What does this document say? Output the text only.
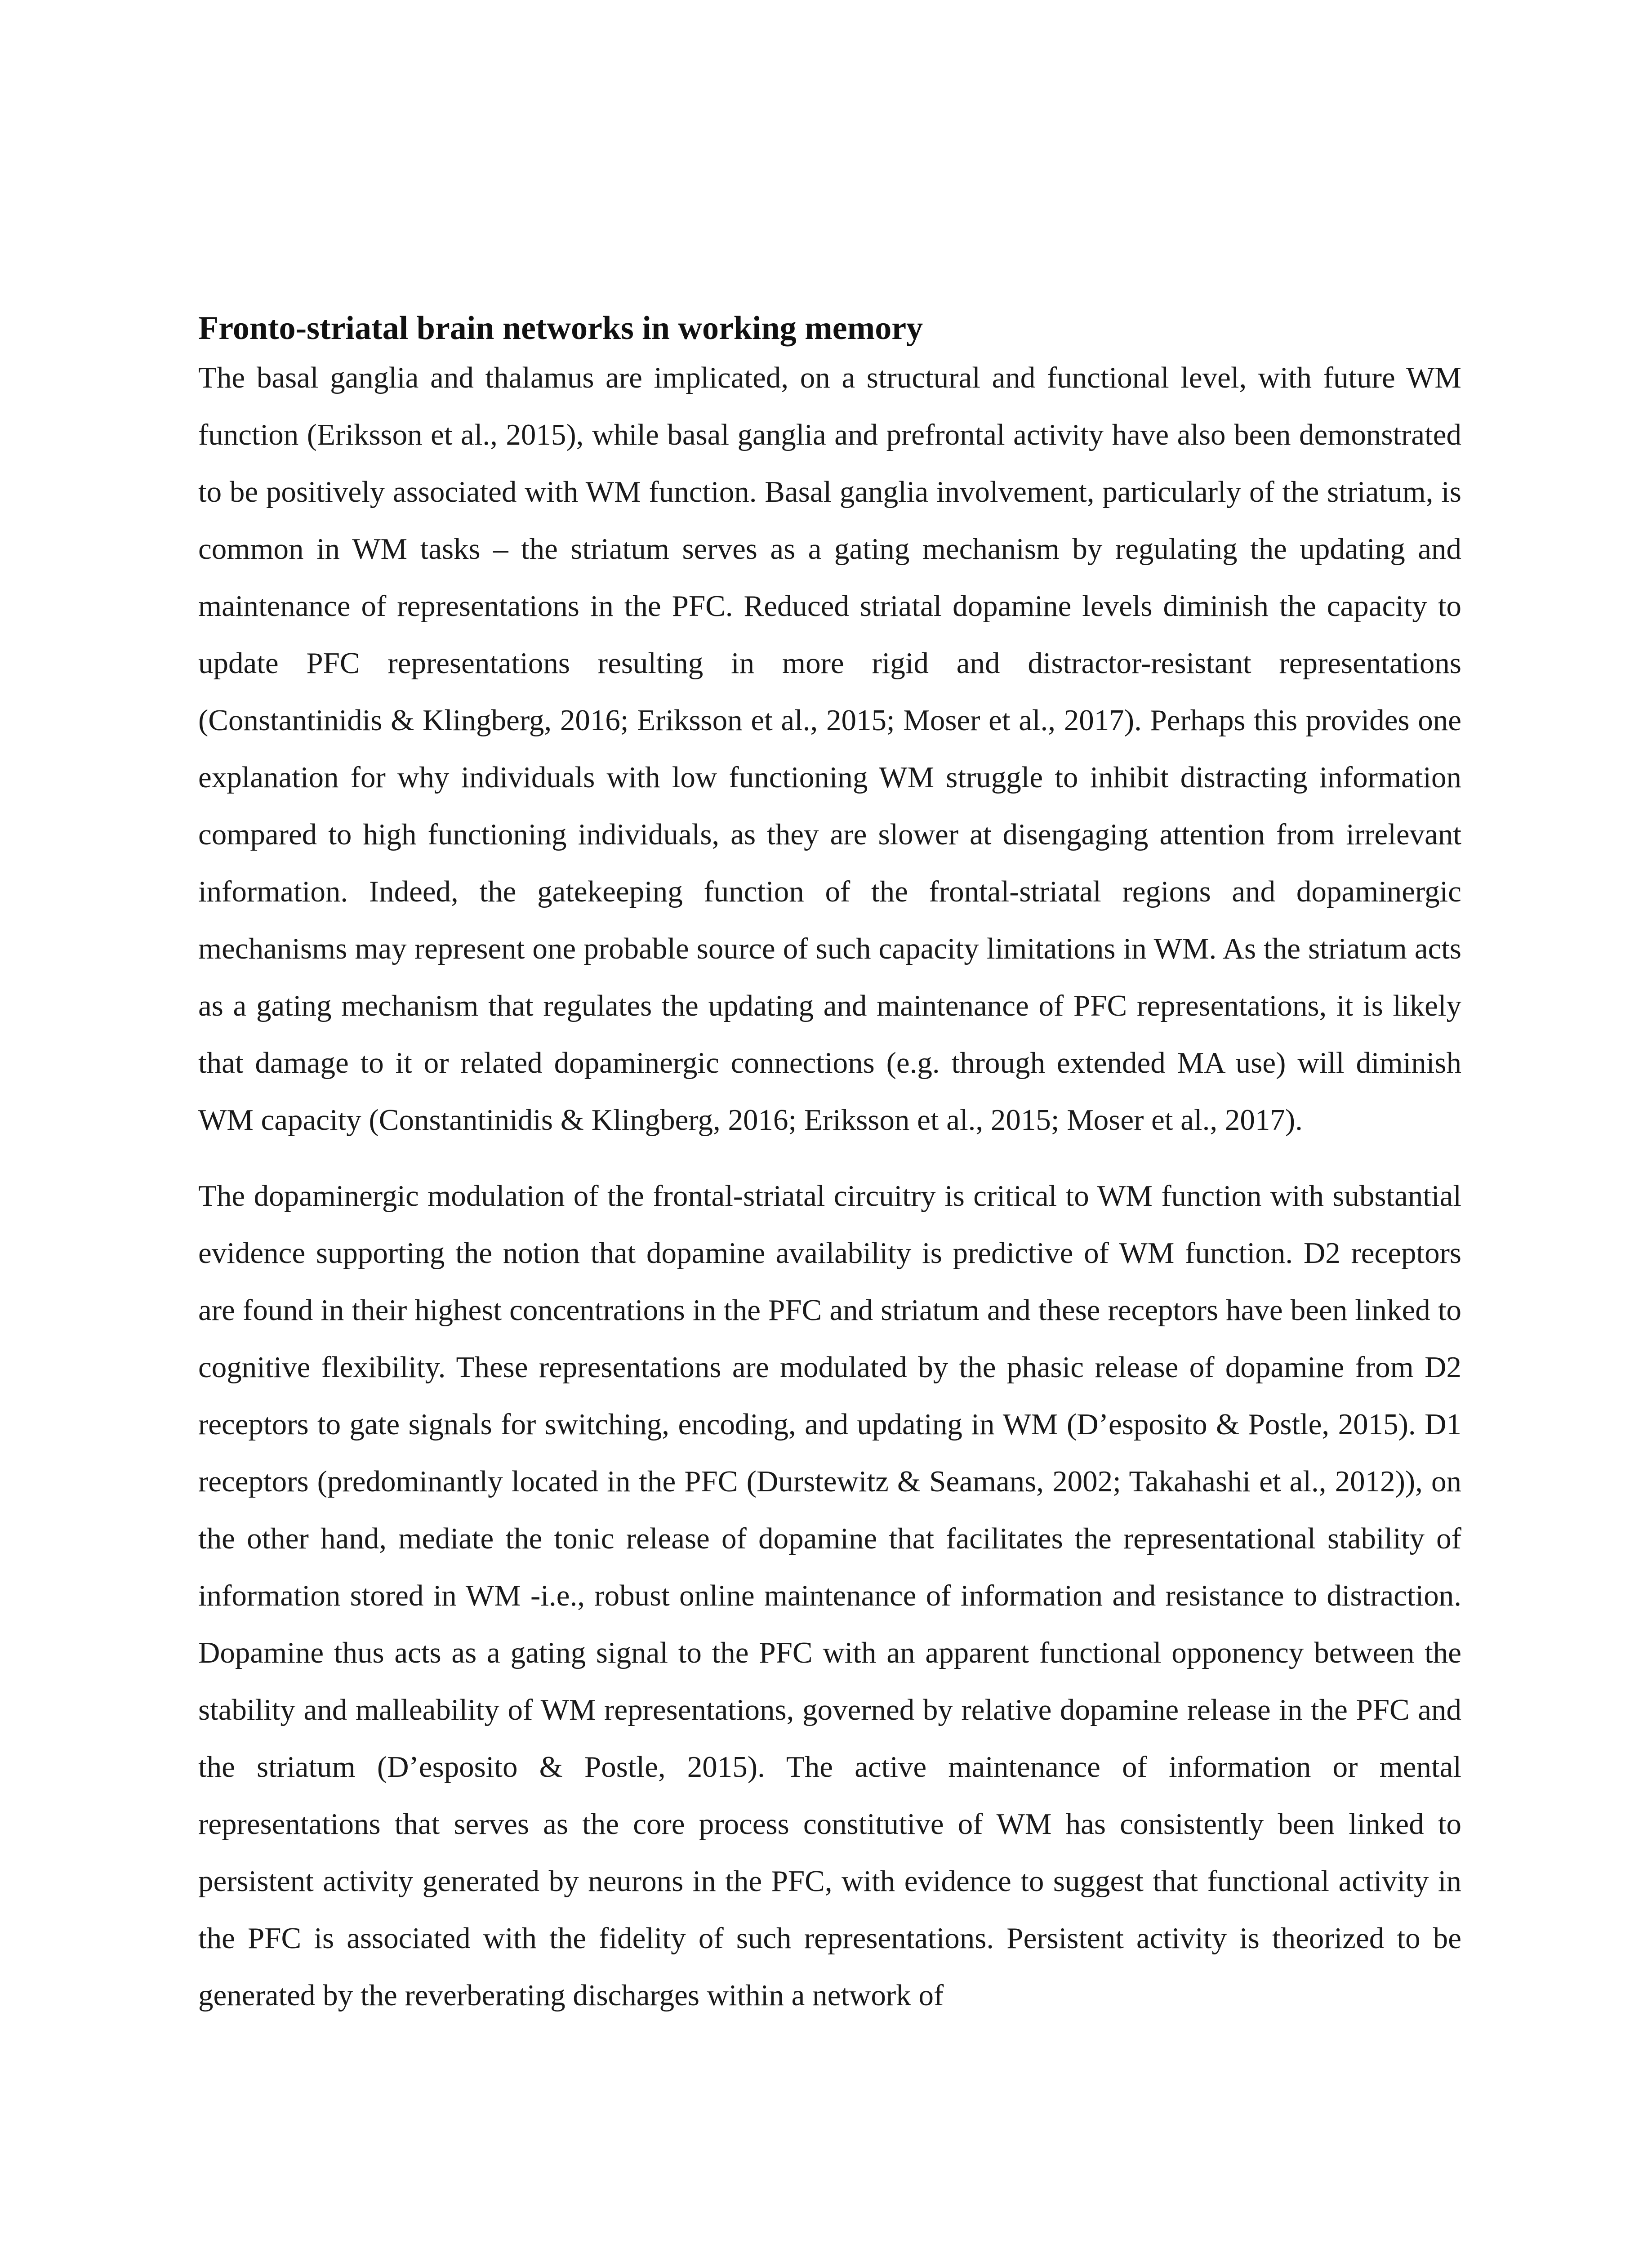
Fronto-striatal brain networks in working memory

The basal ganglia and thalamus are implicated, on a structural and functional level, with future WM function (Eriksson et al., 2015), while basal ganglia and prefrontal activity have also been demonstrated to be positively associated with WM function. Basal ganglia involvement, particularly of the striatum, is common in WM tasks – the striatum serves as a gating mechanism by regulating the updating and maintenance of representations in the PFC. Reduced striatal dopamine levels diminish the capacity to update PFC representations resulting in more rigid and distractor-resistant representations (Constantinidis & Klingberg, 2016; Eriksson et al., 2015; Moser et al., 2017). Perhaps this provides one explanation for why individuals with low functioning WM struggle to inhibit distracting information compared to high functioning individuals, as they are slower at disengaging attention from irrelevant information. Indeed, the gatekeeping function of the frontal-striatal regions and dopaminergic mechanisms may represent one probable source of such capacity limitations in WM. As the striatum acts as a gating mechanism that regulates the updating and maintenance of PFC representations, it is likely that damage to it or related dopaminergic connections (e.g. through extended MA use) will diminish WM capacity (Constantinidis & Klingberg, 2016; Eriksson et al., 2015; Moser et al., 2017).

The dopaminergic modulation of the frontal-striatal circuitry is critical to WM function with substantial evidence supporting the notion that dopamine availability is predictive of WM function. D2 receptors are found in their highest concentrations in the PFC and striatum and these receptors have been linked to cognitive flexibility. These representations are modulated by the phasic release of dopamine from D2 receptors to gate signals for switching, encoding, and updating in WM (D’esposito & Postle, 2015). D1 receptors (predominantly located in the PFC (Durstewitz & Seamans, 2002; Takahashi et al., 2012)), on the other hand, mediate the tonic release of dopamine that facilitates the representational stability of information stored in WM -i.e., robust online maintenance of information and resistance to distraction. Dopamine thus acts as a gating signal to the PFC with an apparent functional opponency between the stability and malleability of WM representations, governed by relative dopamine release in the PFC and the striatum (D’esposito & Postle, 2015). The active maintenance of information or mental representations that serves as the core process constitutive of WM has consistently been linked to persistent activity generated by neurons in the PFC, with evidence to suggest that functional activity in the PFC is associated with the fidelity of such representations. Persistent activity is theorized to be generated by the reverberating discharges within a network of
